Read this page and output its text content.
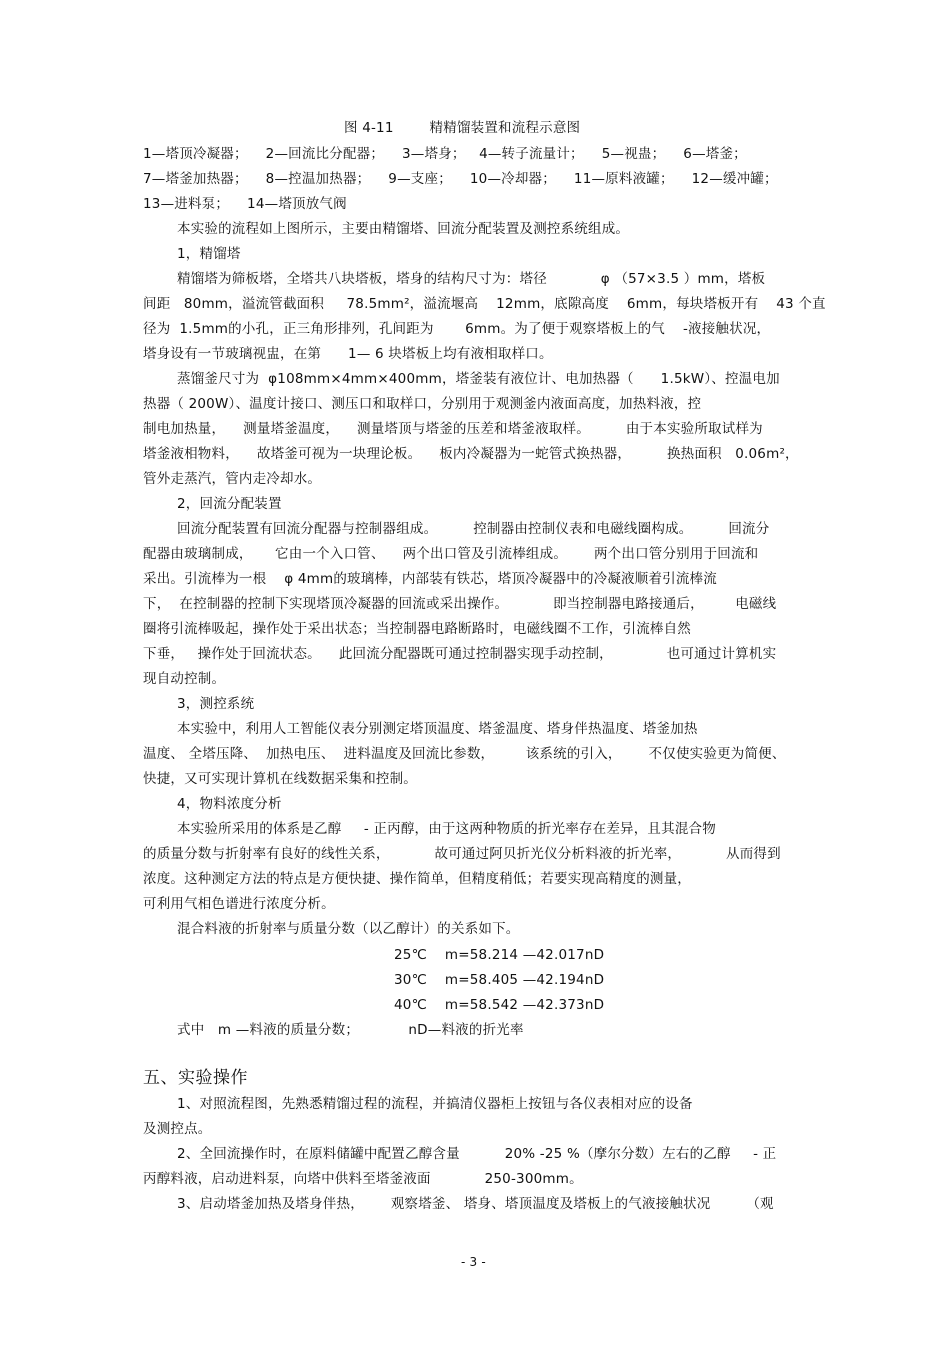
图 4-11        精精馏装置和流程示意图
1—塔顶冷凝器；    2—回流比分配器；    3—塔身；   4—转子流量计；    5—视蛊；    6—塔釜；
7—塔釜加热器；    8—控温加热器；    9—支座；    10—冷却器；    11—原料液罐；    12—缓冲罐；
13—进料泵；    14—塔顶放气阀
本实验的流程如上图所示，主要由精馏塔、回流分配装置及测控系统组成。
1，精馏塔
精馏塔为筛板塔，全塔共八块塔板，塔身的结构尺寸为：塔径            φ （57×3.5 ）mm，塔板
间距   80mm，溢流管截面积     78.5mm²，溢流堰高    12mm，底隙高度    6mm，每块塔板开有    43 个直
径为  1.5mm的小孔，正三角形排列，孔间距为       6mm。为了便于观察塔板上的气    -液接触状况，
塔身设有一节玻璃视盅，在第      1— 6 块塔板上均有液相取样口。
蒸馏釜尺寸为  φ108mm×4mm×400mm，塔釜装有液位计、电加热器（      1.5kW）、控温电加
热器（ 200W）、温度计接口、测压口和取样口，分别用于观测釜内液面高度，加热料液，控
制电加热量，    测量塔釜温度，    测量塔顶与塔釜的压差和塔釜液取样。        由于本实验所取试样为
塔釜液相物料，    故塔釜可视为一块理论板。    板内冷凝器为一蛇管式换热器，        换热面积   0.06m²，
管外走蒸汽，管内走冷却水。
2，回流分配装置
回流分配装置有回流分配器与控制器组成。        控制器由控制仪表和电磁线圈构成。        回流分
配器由玻璃制成，     它由一个入口管、    两个出口管及引流棒组成。      两个出口管分别用于回流和
采出。引流棒为一根    φ 4mm的玻璃棒，内部装有铁芯，塔顶冷凝器中的冷凝液顺着引流棒流
下，  在控制器的控制下实现塔顶冷凝器的回流或采出操作。          即当控制器电路接通后，       电磁线
圈将引流棒吸起，操作处于采出状态；当控制器电路断路时，电磁线圈不工作，引流棒自然
下垂，   操作处于回流状态。    此回流分配器既可通过控制器实现手动控制，            也可通过计算机实
现自动控制。
3，测控系统
本实验中，利用人工智能仪表分别测定塔顶温度、塔釜温度、塔身伴热温度、塔釜加热
温度、 全塔压降、  加热电压、  进料温度及回流比参数，       该系统的引入，      不仅使实验更为简便、
快捷，又可实现计算机在线数据采集和控制。
4，物料浓度分析
本实验所采用的体系是乙醇     - 正丙醇，由于这两种物质的折光率存在差异，且其混合物
的质量分数与折射率有良好的线性关系，          故可通过阿贝折光仪分析料液的折光率，          从而得到
浓度。这种测定方法的特点是方便快捷、操作简单，但精度稍低；若要实现高精度的测量，
可利用气相色谱进行浓度分析。
混合料液的折射率与质量分数（以乙醇计）的关系如下。
25℃    m=58.214 —42.017nD
30℃    m=58.405 —42.194nD
40℃    m=58.542 —42.373nD
式中   m —料液的质量分数；           nD—料液的折光率
五、实验操作
1、对照流程图，先熟悉精馏过程的流程，并搞清仪器柜上按钮与各仪表相对应的设备
及测控点。
2、全回流操作时，在原料储罐中配置乙醇含量          20% -25 %（摩尔分数）左右的乙醇     - 正
丙醇料液，启动进料泵，向塔中供料至塔釜液面            250-300mm。
3、启动塔釜加热及塔身伴热，      观察塔釜、 塔身、塔顶温度及塔板上的气液接触状况        （观
- 3 -
